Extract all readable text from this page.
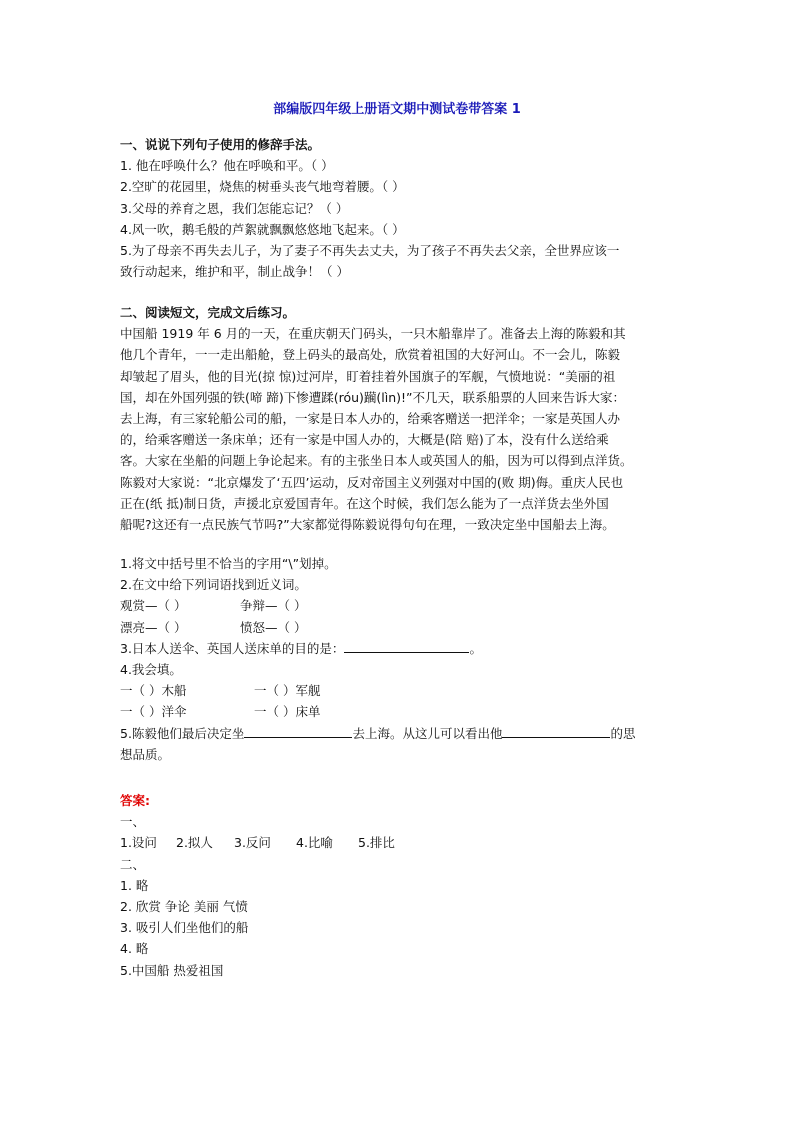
部编版四年级上册语文期中测试卷带答案 1
一、说说下列句子使用的修辞手法。
1. 他在呼唤什么？他在呼唤和平。（ ）
2.空旷的花园里，烧焦的树垂头丧气地弯着腰。（ ）
3.父母的养育之恩，我们怎能忘记？（ ）
4.风一吹，鹅毛般的芦絮就飘飘悠悠地飞起来。（ ）
5.为了母亲不再失去儿子，为了妻子不再失去丈夫，为了孩子不再失去父亲，全世界应该一
致行动起来，维护和平，制止战争！（ ）
二、阅读短文，完成文后练习。
中国船 1919 年 6 月的一天，在重庆朝天门码头，一只木船靠岸了。准备去上海的陈毅和其
他几个青年，一一走出船舱，登上码头的最高处，欣赏着祖国的大好河山。不一会儿，陈毅
却皱起了眉头，他的目光(掠 惊)过河岸，盯着挂着外国旗子的军舰，气愤地说：“美丽的祖
国，却在外国列强的铁(啼 蹄)下惨遭蹂(róu)躏(lìn)!”不几天，联系船票的人回来告诉大家：
去上海，有三家轮船公司的船，一家是日本人办的，给乘客赠送一把洋伞；一家是英国人办
的，给乘客赠送一条床单；还有一家是中国人办的，大概是(陪 赔)了本，没有什么送给乘
客。大家在坐船的问题上争论起来。有的主张坐日本人或英国人的船，因为可以得到点洋货。
陈毅对大家说：“北京爆发了‘五四’运动，反对帝国主义列强对中国的(败 期)侮。重庆人民也
正在(纸 抵)制日货，声援北京爱国青年。在这个时候，我们怎么能为了一点洋货去坐外国
船呢?这还有一点民族气节吗?”大家都觉得陈毅说得句句在理，一致决定坐中国船去上海。
1.将文中括号里不恰当的字用“\”划掉。
2.在文中给下列词语找到近义词。
观赏—（ ）	争辩—（ ）
漂亮—（ ）	愤怒—（ ）
3.日本人送伞、英国人送床单的目的是：	。
4.我会填。
一（ ）木船	一（ ）军舰
一（ ）洋伞	一（ ）床单
5.陈毅他们最后决定坐	去上海。从这儿可以看出他	的思
想品质。
答案:
一、
1.设问 2.拟人 3.反问 4.比喻 5.排比
二、
1. 略
2. 欣赏 争论 美丽 气愤
3. 吸引人们坐他们的船
4. 略
5.中国船 热爱祖国
